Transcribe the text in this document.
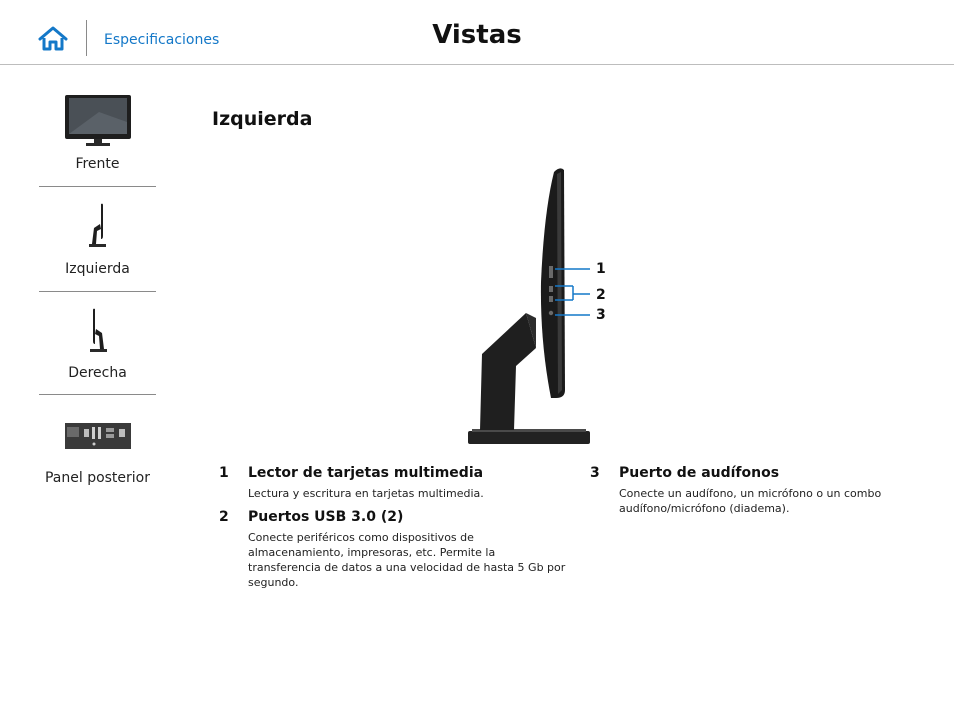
Especificaciones	Vistas
Frente
Izquierda
Derecha
Panel posterior
Izquierda
1
2
3
1 Lector de tarjetas multimedia
Lectura y escritura en tarjetas multimedia.
2 Puertos USB 3.0 (2)
Conecte periféricos como dispositivos de almacenamiento, impresoras, etc. Permite la transferencia de datos a una velocidad de hasta 5 Gb por segundo.
3 Puerto de audífonos
Conecte un audífono, un micrófono o un combo audífono/micrófono (diadema).
